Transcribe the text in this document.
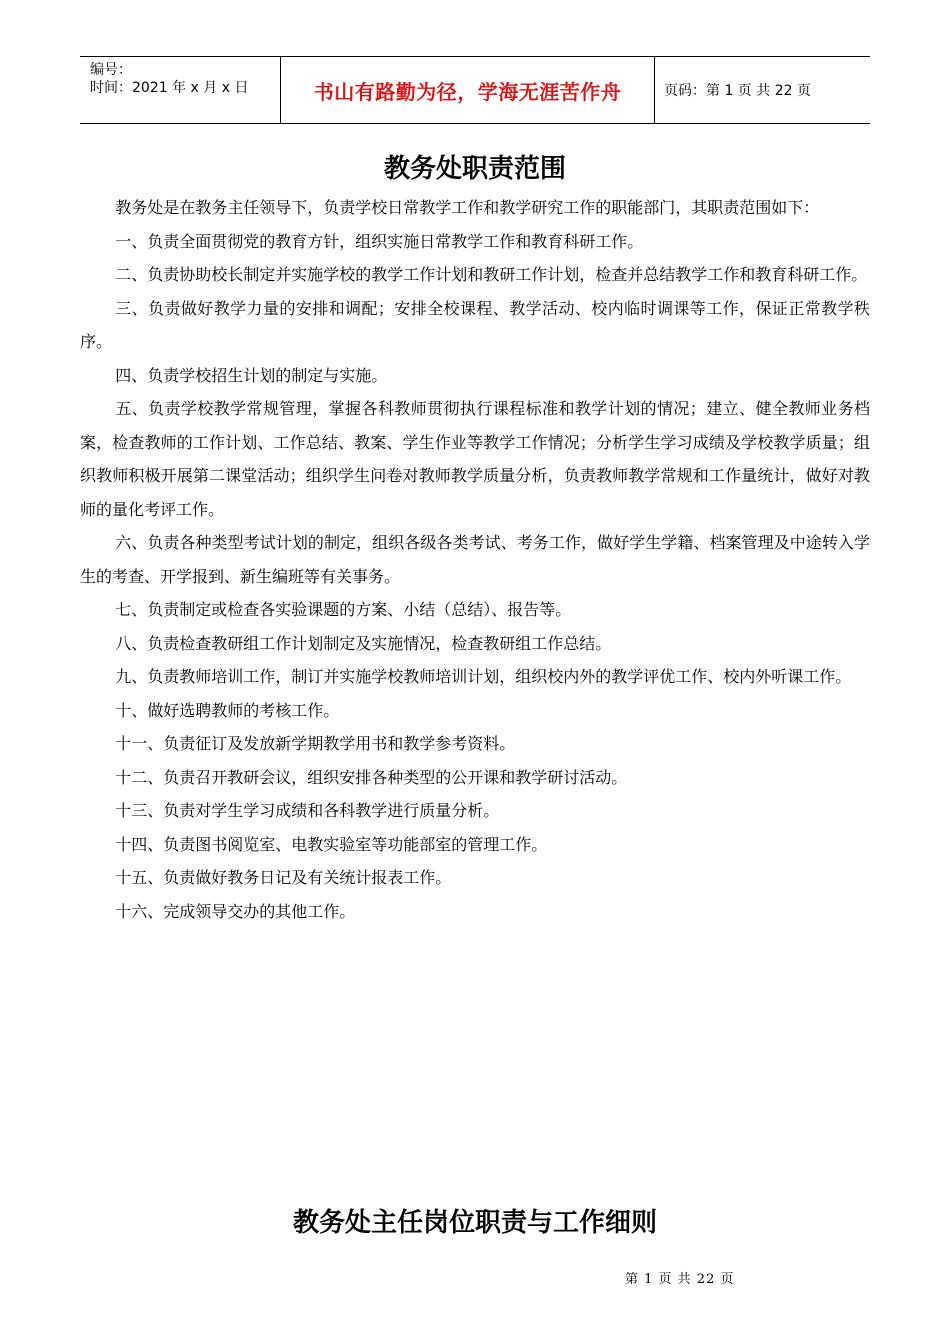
编号：
时间：2021 年 x 月 x 日	书山有路勤为径，学海无涯苦作舟	页码：第 1 页 共 22 页
教务处职责范围

教务处是在教务主任领导下，负责学校日常教学工作和教学研究工作的职能部门，其职责范围如下：

一、负责全面贯彻党的教育方针，组织实施日常教学工作和教育科研工作。

二、负责协助校长制定并实施学校的教学工作计划和教研工作计划，检查并总结教学工作和教育科研工作。

三、负责做好教学力量的安排和调配；安排全校课程、教学活动、校内临时调课等工作，保证正常教学秩序。

四、负责学校招生计划的制定与实施。

五、负责学校教学常规管理，掌握各科教师贯彻执行课程标准和教学计划的情况；建立、健全教师业务档案，检查教师的工作计划、工作总结、教案、学生作业等教学工作情况；分析学生学习成绩及学校教学质量；组织教师积极开展第二课堂活动；组织学生问卷对教师教学质量分析，负责教师教学常规和工作量统计，做好对教师的量化考评工作。

六、负责各种类型考试计划的制定，组织各级各类考试、考务工作，做好学生学籍、档案管理及中途转入学生的考查、开学报到、新生编班等有关事务。

七、负责制定或检查各实验课题的方案、小结（总结）、报告等。

八、负责检查教研组工作计划制定及实施情况，检查教研组工作总结。

九、负责教师培训工作，制订并实施学校教师培训计划，组织校内外的教学评优工作、校内外听课工作。

十、做好选聘教师的考核工作。

十一、负责征订及发放新学期教学用书和教学参考资料。

十二、负责召开教研会议，组织安排各种类型的公开课和教学研讨活动。

十三、负责对学生学习成绩和各科教学进行质量分析。

十四、负责图书阅览室、电教实验室等功能部室的管理工作。

十五、负责做好教务日记及有关统计报表工作。

十六、完成领导交办的其他工作。

教务处主任岗位职责与工作细则
第 1 页 共 22 页
